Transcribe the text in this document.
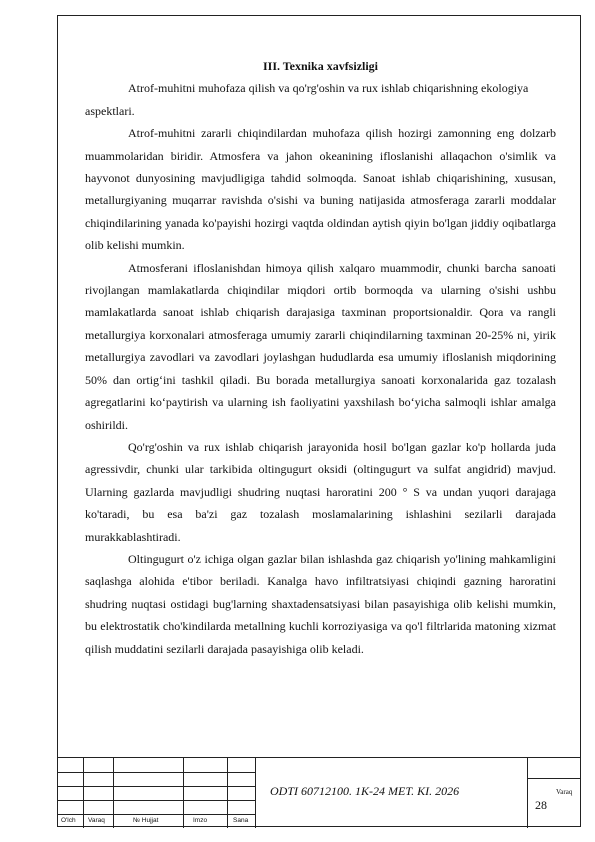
III. Texnika xavfsizligi

Atrof-muhitni muhofaza qilish va qo'rg'oshin va rux ishlab chiqarishning ekologiya aspektlari.

Atrof-muhitni zararli chiqindilardan muhofaza qilish hozirgi zamonning eng dolzarb muammolaridan biridir. Atmosfera va jahon okeanining ifloslanishi allaqachon o'simlik va hayvonot dunyosining mavjudligiga tahdid solmoqda. Sanoat ishlab chiqarishining, xususan, metallurgiyaning muqarrar ravishda o'sishi va buning natijasida atmosferaga zararli moddalar chiqindilarining yanada ko'payishi hozirgi vaqtda oldindan aytish qiyin bo'lgan jiddiy oqibatlarga olib kelishi mumkin.

Atmosferani ifloslanishdan himoya qilish xalqaro muammodir, chunki barcha sanoati rivojlangan mamlakatlarda chiqindilar miqdori ortib bormoqda va ularning o'sishi ushbu mamlakatlarda sanoat ishlab chiqarish darajasiga taxminan proportsionaldir. Qora va rangli metallurgiya korxonalari atmosferaga umumiy zararli chiqindilarning taxminan 20-25% ni, yirik metallurgiya zavodlari va zavodlari joylashgan hududlarda esa umumiy ifloslanish miqdorining 50% dan ortig‘ini tashkil qiladi. Bu borada metallurgiya sanoati korxonalarida gaz tozalash agregatlarini ko‘paytirish va ularning ish faoliyatini yaxshilash bo‘yicha salmoqli ishlar amalga oshirildi.

Qo'rg'oshin va rux ishlab chiqarish jarayonida hosil bo'lgan gazlar ko'p hollarda juda agressivdir, chunki ular tarkibida oltingugurt oksidi (oltingugurt va sulfat angidrid) mavjud. Ularning gazlarda mavjudligi shudring nuqtasi haroratini 200 ° S va undan yuqori darajaga ko'taradi, bu esa ba'zi gaz tozalash moslamalarining ishlashini sezilarli darajada murakkablashtiradi.

Oltingugurt o'z ichiga olgan gazlar bilan ishlashda gaz chiqarish yo'lining mahkamligini saqlashga alohida e'tibor beriladi. Kanalga havo infiltratsiyasi chiqindi gazning haroratini shudring nuqtasi ostidagi bug'larning shaxtadensatsiyasi bilan pasayishiga olib kelishi mumkin, bu elektrostatik cho'kindilarda metallning kuchli korroziyasiga va qo'l filtrlarida matoning xizmat qilish muddatini sezilarli darajada pasayishiga olib keladi.

O'lch Varaq	№ Hujjat	Imzo	Sana
ODTI 60712100. 1K-24 MET. KI. 2026	Varaq
28
